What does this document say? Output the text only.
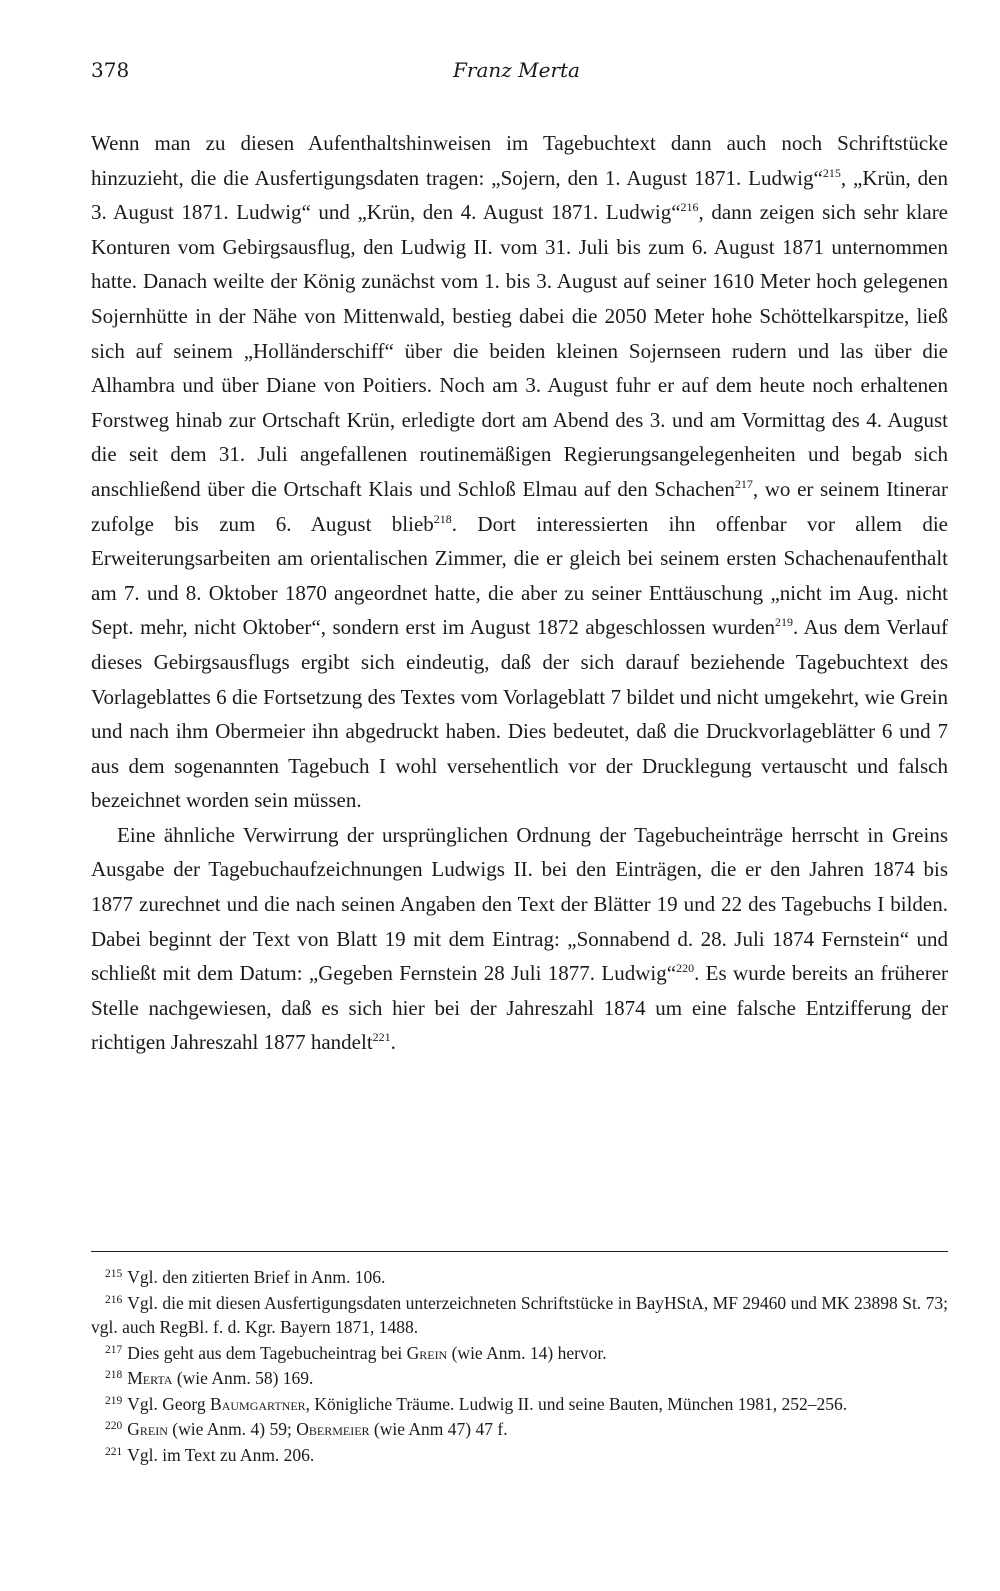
378	Franz Merta

Wenn man zu diesen Aufenthaltshinweisen im Tagebuchtext dann auch noch Schriftstücke hinzuzieht, die die Ausfertigungsdaten tragen: „Sojern, den 1. August 1871. Ludwig“$^{215}$, „Krün, den 3. August 1871. Ludwig“ und „Krün, den 4. August 1871. Ludwig“$^{216}$, dann zeigen sich sehr klare Konturen vom Gebirgsausflug, den Ludwig II. vom 31. Juli bis zum 6. August 1871 unternommen hatte. Danach weilte der König zunächst vom 1. bis 3. August auf seiner 1610 Meter hoch gelegenen Sojernhütte in der Nähe von Mittenwald, bestieg dabei die 2050 Meter hohe Schöttelkarspitze, ließ sich auf seinem „Holländerschiff“ über die beiden kleinen Sojernseen rudern und las über die Alhambra und über Diane von Poitiers. Noch am 3. August fuhr er auf dem heute noch erhaltenen Forstweg hinab zur Ortschaft Krün, erledigte dort am Abend des 3. und am Vormittag des 4. August die seit dem 31. Juli angefallenen routinemäßigen Regierungsangelegenheiten und begab sich anschließend über die Ortschaft Klais und Schloß Elmau auf den Schachen$^{217}$, wo er seinem Itinerar zufolge bis zum 6. August blieb$^{218}$. Dort interessierten ihn offenbar vor allem die Erweiterungsarbeiten am orientalischen Zimmer, die er gleich bei seinem ersten Schachenaufenthalt am 7. und 8. Oktober 1870 angeordnet hatte, die aber zu seiner Enttäuschung „nicht im Aug. nicht Sept. mehr, nicht Oktober“, sondern erst im August 1872 abgeschlossen wurden$^{219}$. Aus dem Verlauf dieses Gebirgsausflugs ergibt sich eindeutig, daß der sich darauf beziehende Tagebuchtext des Vorlageblattes 6 die Fortsetzung des Textes vom Vorlageblatt 7 bildet und nicht umgekehrt, wie Grein und nach ihm Obermeier ihn abgedruckt haben. Dies bedeutet, daß die Druckvorlageblätter 6 und 7 aus dem sogenannten Tagebuch I wohl versehentlich vor der Drucklegung vertauscht und falsch bezeichnet worden sein müssen.

Eine ähnliche Verwirrung der ursprünglichen Ordnung der Tagebucheinträge herrscht in Greins Ausgabe der Tagebuchaufzeichnungen Ludwigs II. bei den Einträgen, die er den Jahren 1874 bis 1877 zurechnet und die nach seinen Angaben den Text der Blätter 19 und 22 des Tagebuchs I bilden. Dabei beginnt der Text von Blatt 19 mit dem Eintrag: „Sonnabend d. 28. Juli 1874 Fernstein“ und schließt mit dem Datum: „Gegeben Fernstein 28 Juli 1877. Ludwig“$^{220}$. Es wurde bereits an früherer Stelle nachgewiesen, daß es sich hier bei der Jahreszahl 1874 um eine falsche Entzifferung der richtigen Jahreszahl 1877 handelt$^{221}$.

$^{215}$ Vgl. den zitierten Brief in Anm. 106.

$^{216}$ Vgl. die mit diesen Ausfertigungsdaten unterzeichneten Schriftstücke in BayHStA, MF 29460 und MK 23898 St. 73; vgl. auch RegBl. f. d. Kgr. Bayern 1871, 1488.

$^{217}$ Dies geht aus dem Tagebucheintrag bei Grein (wie Anm. 14) hervor.

$^{218}$ Merta (wie Anm. 58) 169.

$^{219}$ Vgl. Georg Baumgartner, Königliche Träume. Ludwig II. und seine Bauten, München 1981, 252–256.

$^{220}$ Grein (wie Anm. 4) 59; Obermeier (wie Anm 47) 47 f.

$^{221}$ Vgl. im Text zu Anm. 206.
